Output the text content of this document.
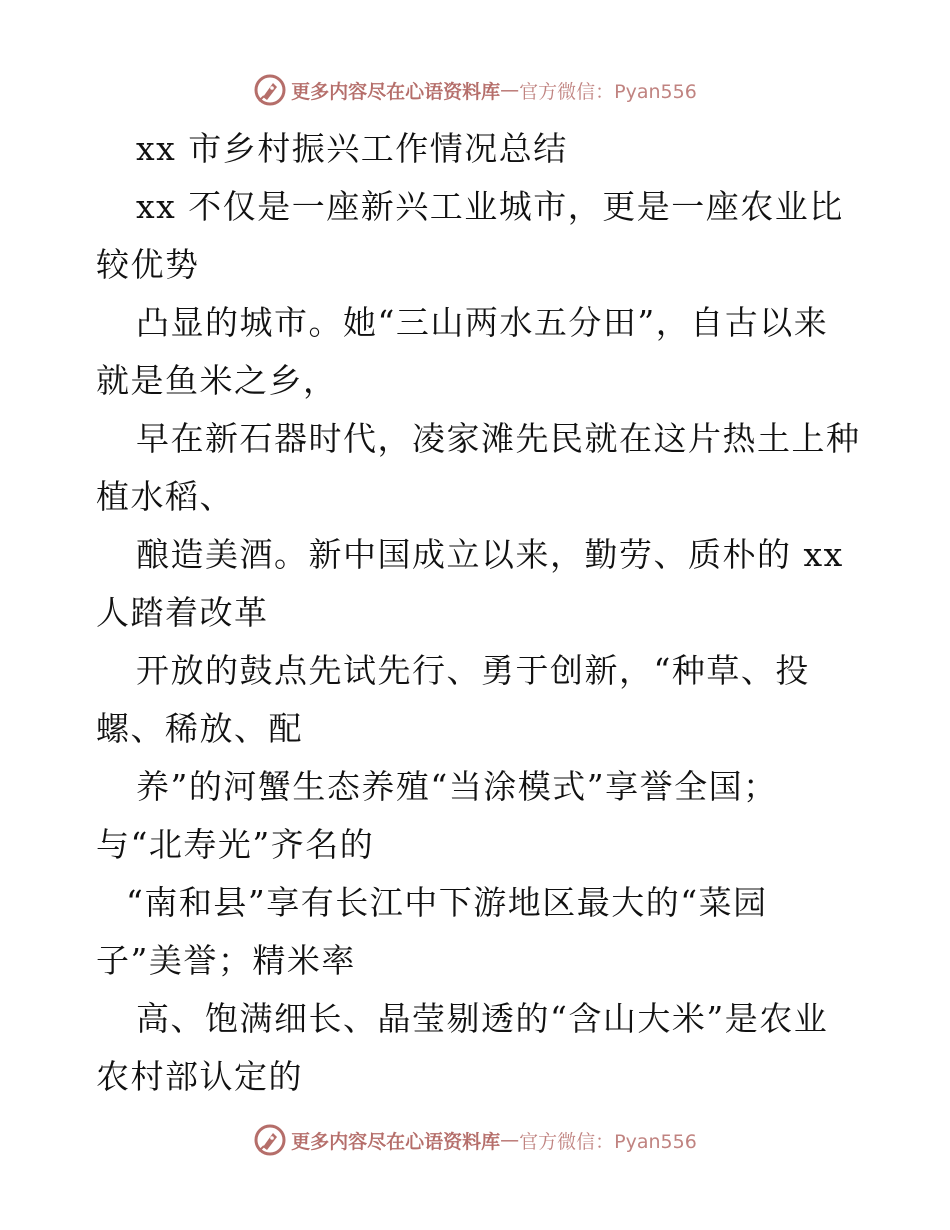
更多内容尽在心语资料库 — 官方微信：Pyan556
xx 市乡村振兴工作情况总结
xx 不仅是一座新兴工业城市，更是一座农业比
较优势
凸显的城市。她“三山两水五分田”，自古以来
就是鱼米之乡，
早在新石器时代，凌家滩先民就在这片热土上种
植水稻、
酿造美酒。新中国成立以来，勤劳、质朴的 xx
人踏着改革
开放的鼓点先试先行、勇于创新，“种草、投
螺、稀放、配
养”的河蟹生态养殖“当涂模式”享誉全国；
与“北寿光”齐名的
“南和县”享有长江中下游地区最大的“菜园
子”美誉；精米率
高、饱满细长、晶莹剔透的“含山大米”是农业
农村部认定的
更多内容尽在心语资料库 — 官方微信：Pyan556
